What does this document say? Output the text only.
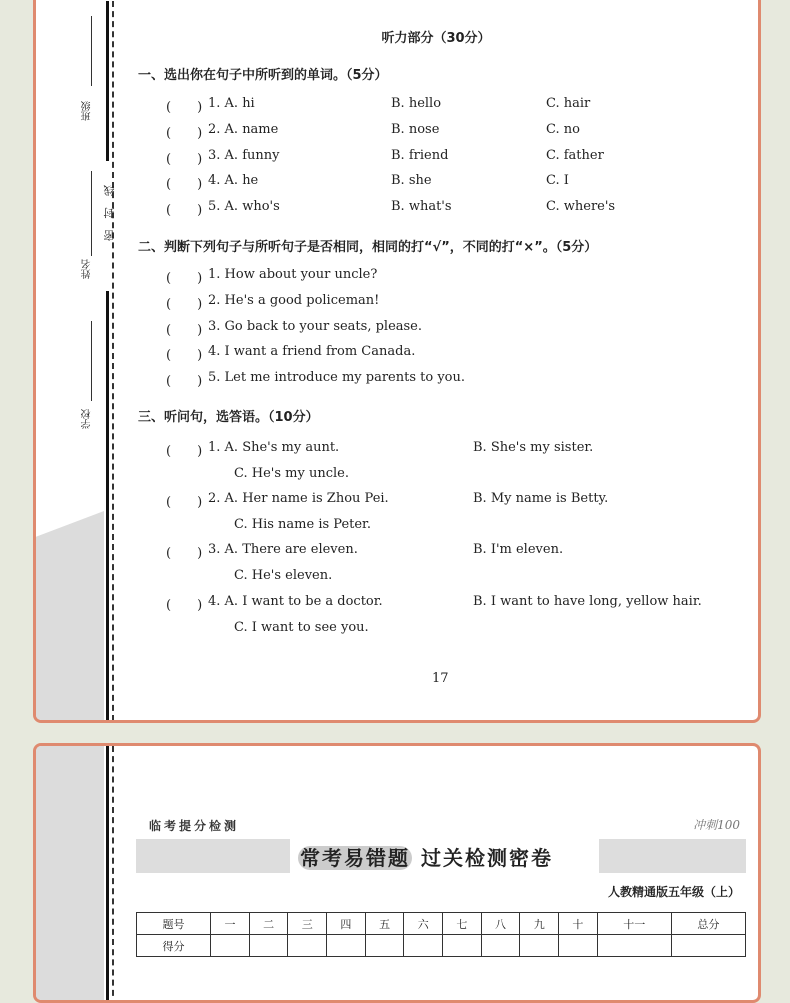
班级
姓名
密 封 线
学校
听力部分（30分）
一、选出你在句子中所听到的单词。（5分）
(　　) 1. A. hi	B. hello	C. hair
(　　) 2. A. name	B. nose	C. no
(　　) 3. A. funny	B. friend	C. father
(　　) 4. A. he	B. she	C. I
(　　) 5. A. who's	B. what's	C. where's
二、判断下列句子与所听句子是否相同，相同的打“√”，不同的打“×”。（5分）
(　　) 1. How about your uncle?
(　　) 2. He's a good policeman!
(　　) 3. Go back to your seats, please.
(　　) 4. I want a friend from Canada.
(　　) 5. Let me introduce my parents to you.
三、听问句，选答语。（10分）
(　　) 1. A. She's my aunt.	B. She's my sister.
C. He's my uncle.
(　　) 2. A. Her name is Zhou Pei.	B. My name is Betty.
C. His name is Peter.
(　　) 3. A. There are eleven.	B. I'm eleven.
C. He's eleven.
(　　) 4. A. I want to be a doctor.	B. I want to have long, yellow hair.
C. I want to see you.
17
临考提分检测	冲刺100
常考易错题 过关检测密卷
人教精通版五年级（上）
题号	一	二	三	四	五	六	七	八	九	十	十一	总分
得分												
